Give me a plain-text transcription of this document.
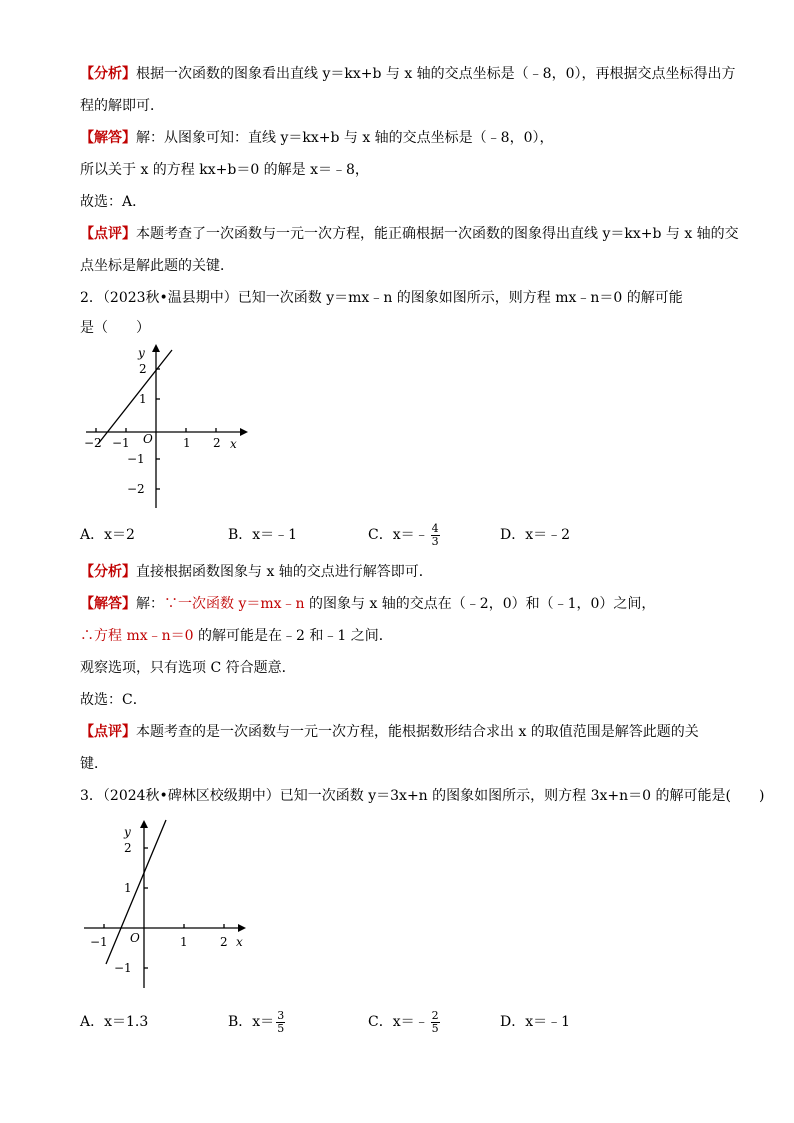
【分析】根据一次函数的图象看出直线 y＝kx+b 与 x 轴的交点坐标是（﹣8，0），再根据交点坐标得出方
程的解即可．
【解答】解：从图象可知：直线 y＝kx+b 与 x 轴的交点坐标是（﹣8，0），
所以关于 x 的方程 kx+b＝0 的解是 x＝﹣8，
故选：A．
【点评】本题考查了一次函数与一元一次方程，能正确根据一次函数的图象得出直线 y＝kx+b 与 x 轴的交
点坐标是解此题的关键．
2．（2023秋•温县期中）已知一次函数 y＝mx﹣n 的图象如图所示，则方程 mx﹣n＝0 的解可能
是（　　）
y
x
O
−2 −1	1 2
2
1
−1
−2
A．x＝2	B．x＝﹣1	C．x＝﹣ $\frac{4}{3}$	D．x＝﹣2
【分析】直接根据函数图象与 x 轴的交点进行解答即可．
【解答】解：∵一次函数 y＝mx﹣n 的图象与 x 轴的交点在（﹣2，0）和（﹣1，0）之间，
∴方程 mx﹣n＝0 的解可能是在﹣2 和﹣1 之间．
观察选项，只有选项 C 符合题意．
故选：C．
【点评】本题考查的是一次函数与一元一次方程，能根据数形结合求出 x 的取值范围是解答此题的关
键．
3．（2024秋•碑林区校级期中）已知一次函数 y＝3x+n 的图象如图所示，则方程 3x+n＝0 的解可能是(　　)
y
x
O
−1	1	2
2
1
−1
A．x＝1.3	B．$x= \frac{3}{5}$	C．x＝﹣ $\frac{2}{5}$	D．x＝﹣1
